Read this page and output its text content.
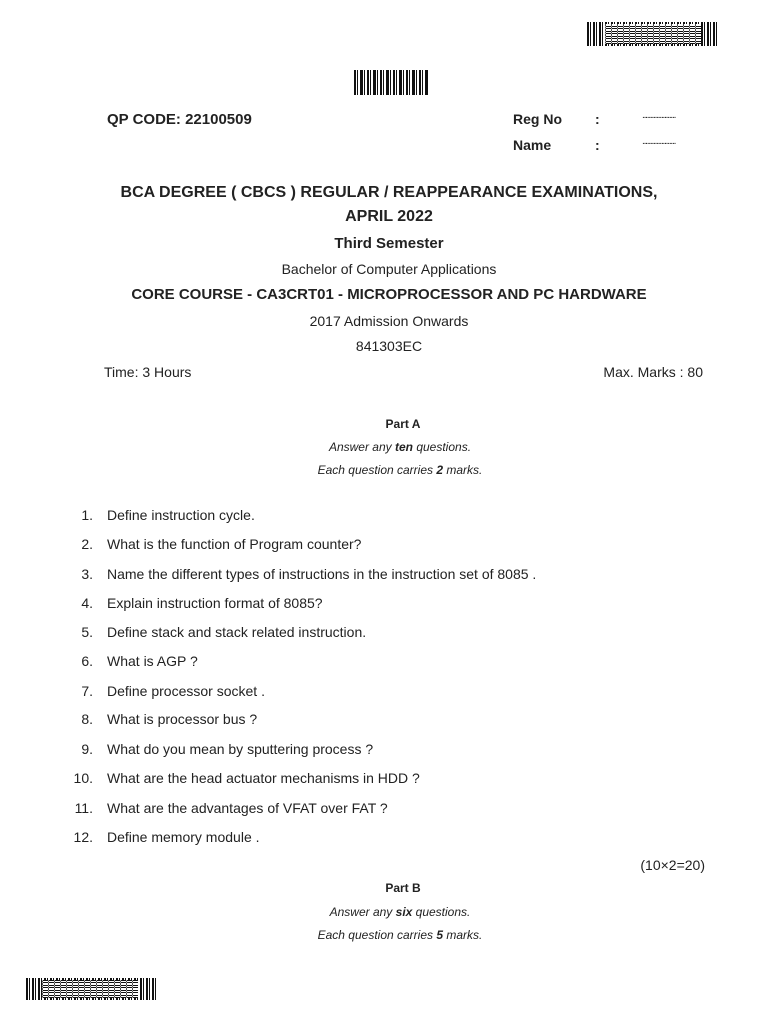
QP CODE: 22100509	Reg No :	.....................
Name	:	.....................
BCA DEGREE ( CBCS ) REGULAR / REAPPEARANCE EXAMINATIONS,
APRIL 2022
Third Semester
Bachelor of Computer Applications
CORE COURSE - CA3CRT01 - MICROPROCESSOR AND PC HARDWARE
2017 Admission Onwards
841303EC
Time: 3 Hours	Max. Marks : 80
Part A
Answer any ten questions.
Each question carries 2 marks.
1. Define instruction cycle.
2. What is the function of Program counter?
3. Name the different types of instructions in the instruction set of 8085 .
4. Explain instruction format of 8085?
5. Define stack and stack related instruction.
6. What is AGP ?
7. Define processor socket .
8. What is processor bus ?
9. What do you mean by sputtering process ?
10. What are the head actuator mechanisms in HDD ?
11. What are the advantages of VFAT over FAT ?
12. Define memory module .
(10×2=20)
Part B
Answer any six questions.
Each question carries 5 marks.
